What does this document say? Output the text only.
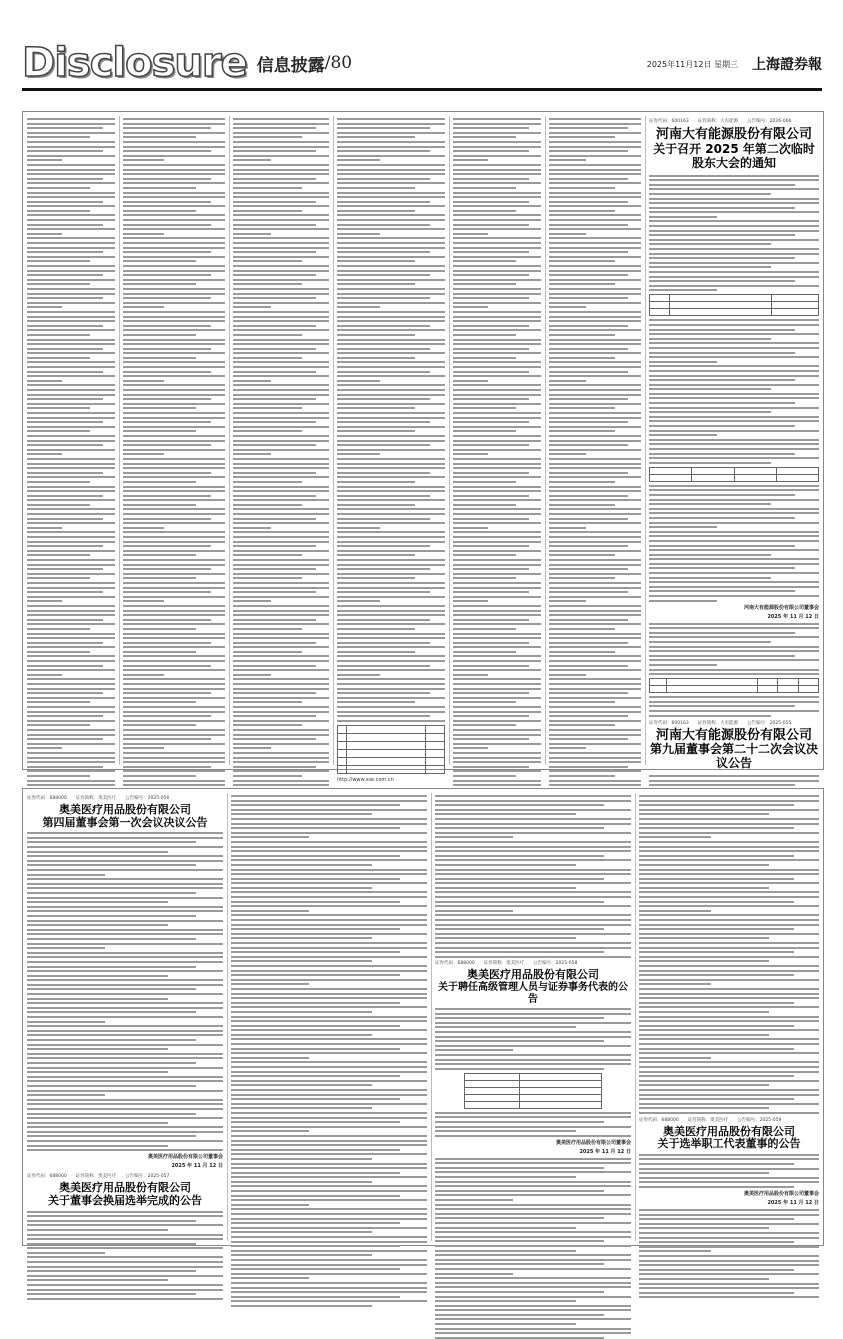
Disclosure 信息披露 /80	2025年11月12日 星期三 上海證券報

http://www.sse.com.cn
证券代码：600163　　证券简称：大有能源　　公告编号：2026-066
河南大有能源股份有限公司
关于召开 2025 年第二次临时股东大会的通知

河南大有能源股份有限公司董事会
2025 年 11 月 12 日

证券代码：600163　　证券简称：大有能源　　公告编号：2025-055
河南大有能源股份有限公司
第九届董事会第二十二次会议决议公告
证券代码：688000　　证券简称：奥美医疗　　公告编号：2025-056
奥美医疗用品股份有限公司
第四届董事会第一次会议决议公告
奥美医疗用品股份有限公司董事会
2025 年 11 月 12 日
证券代码：688000　　证券简称：奥美医疗　　公告编号：2025-057
奥美医疗用品股份有限公司
关于董事会换届选举完成的公告
证券代码：688000　　证券简称：奥美医疗　　公告编号：2025-058
奥美医疗用品股份有限公司
关于聘任高级管理人员与证券事务代表的公告

奥美医疗用品股份有限公司董事会
2025 年 11 月 12 日
证券代码：688000　　证券简称：奥美医疗　　公告编号：2025-059
奥美医疗用品股份有限公司
关于选举职工代表董事的公告
奥美医疗用品股份有限公司董事会
2025 年 11 月 12 日
